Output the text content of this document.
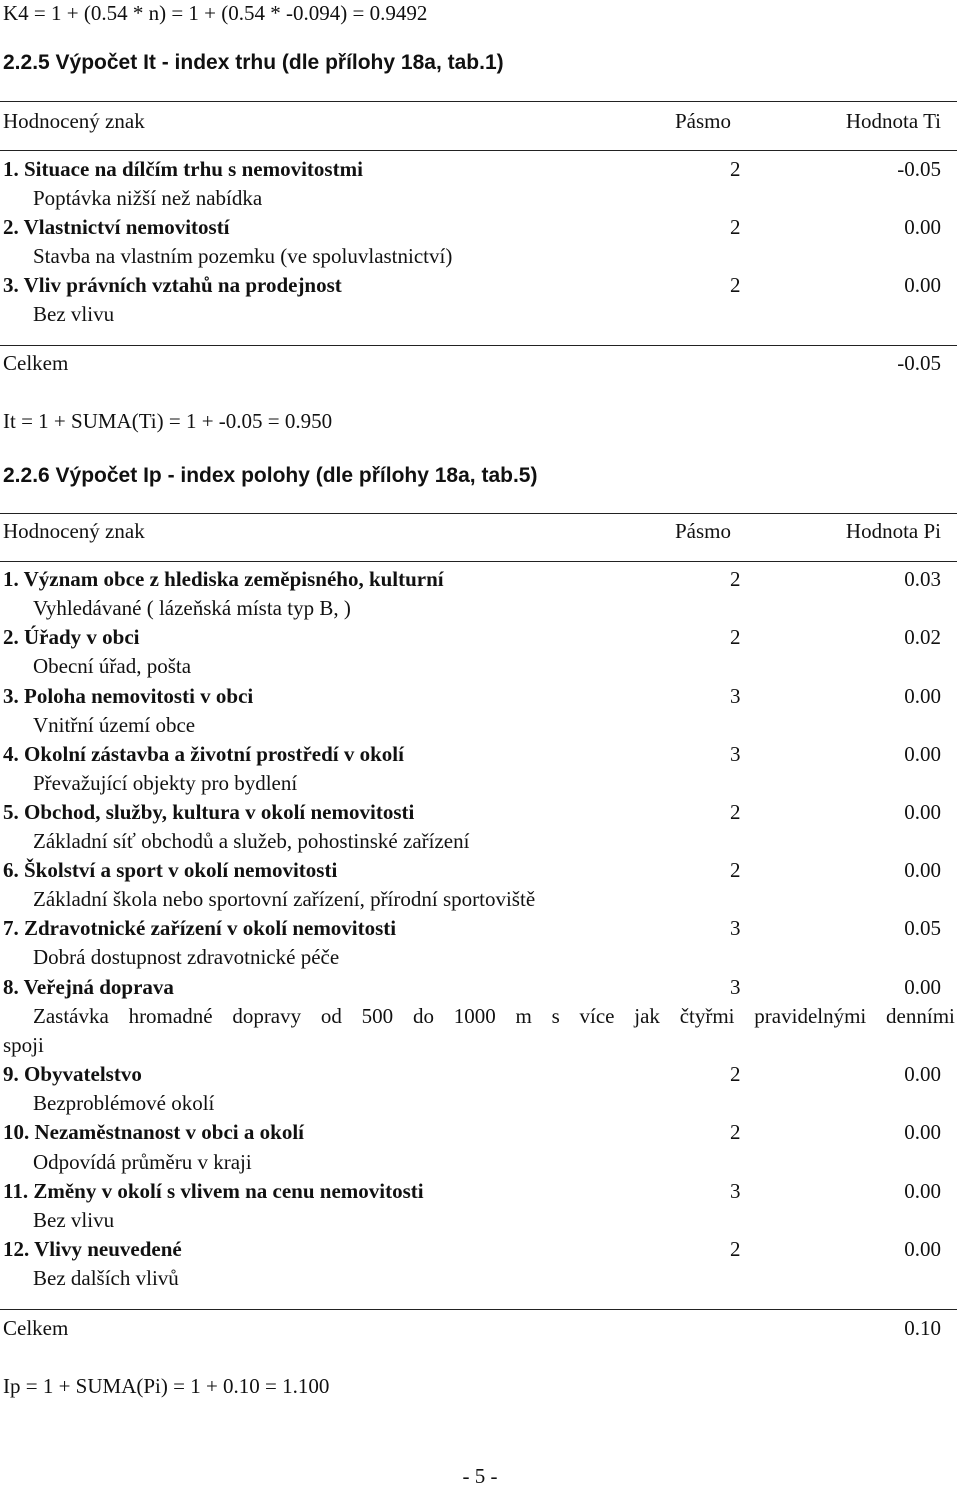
K4 = 1 + (0.54 * n) = 1 + (0.54 * -0.094) = 0.9492
2.2.5 Výpočet It - index trhu (dle přílohy 18a, tab.1)
Hodnocený znak	Pásmo	Hodnota Ti
1. Situace na dílčím trhu s nemovitostmi	2	-0.05
Poptávka nižší než nabídka
2. Vlastnictví nemovitostí	2	0.00
Stavba na vlastním pozemku (ve spoluvlastnictví)
3. Vliv právních vztahů na prodejnost	2	0.00
Bez vlivu
Celkem	-0.05
It = 1 + SUMA(Ti) = 1 + -0.05 = 0.950
2.2.6 Výpočet Ip - index polohy (dle přílohy 18a, tab.5)
Hodnocený znak	Pásmo	Hodnota Pi
1. Význam obce z hlediska zeměpisného, kulturní	2	0.03
Vyhledávané ( lázeňská místa typ B, )
2. Úřady v obci	2	0.02
Obecní úřad, pošta
3. Poloha nemovitosti v obci	3	0.00
Vnitřní území obce
4. Okolní zástavba a životní prostředí v okolí	3	0.00
Převažující objekty pro bydlení
5. Obchod, služby, kultura v okolí nemovitosti	2	0.00
Základní síť obchodů a služeb, pohostinské zařízení
6. Školství a sport v okolí nemovitosti	2	0.00
Základní škola nebo sportovní zařízení, přírodní sportoviště
7. Zdravotnické zařízení v okolí nemovitosti	3	0.05
Dobrá dostupnost zdravotnické péče
8. Veřejná doprava	3	0.00
Zastávka hromadné dopravy od 500 do 1000 m s více jak čtyřmi pravidelnými denními
spoji
9. Obyvatelstvo	2	0.00
Bezproblémové okolí
10. Nezaměstnanost v obci a okolí	2	0.00
Odpovídá průměru v kraji
11. Změny v okolí s vlivem na cenu nemovitosti	3	0.00
Bez vlivu
12. Vlivy neuvedené	2	0.00
Bez dalších vlivů
Celkem	0.10
Ip = 1 + SUMA(Pi) = 1 + 0.10 = 1.100
- 5 -
